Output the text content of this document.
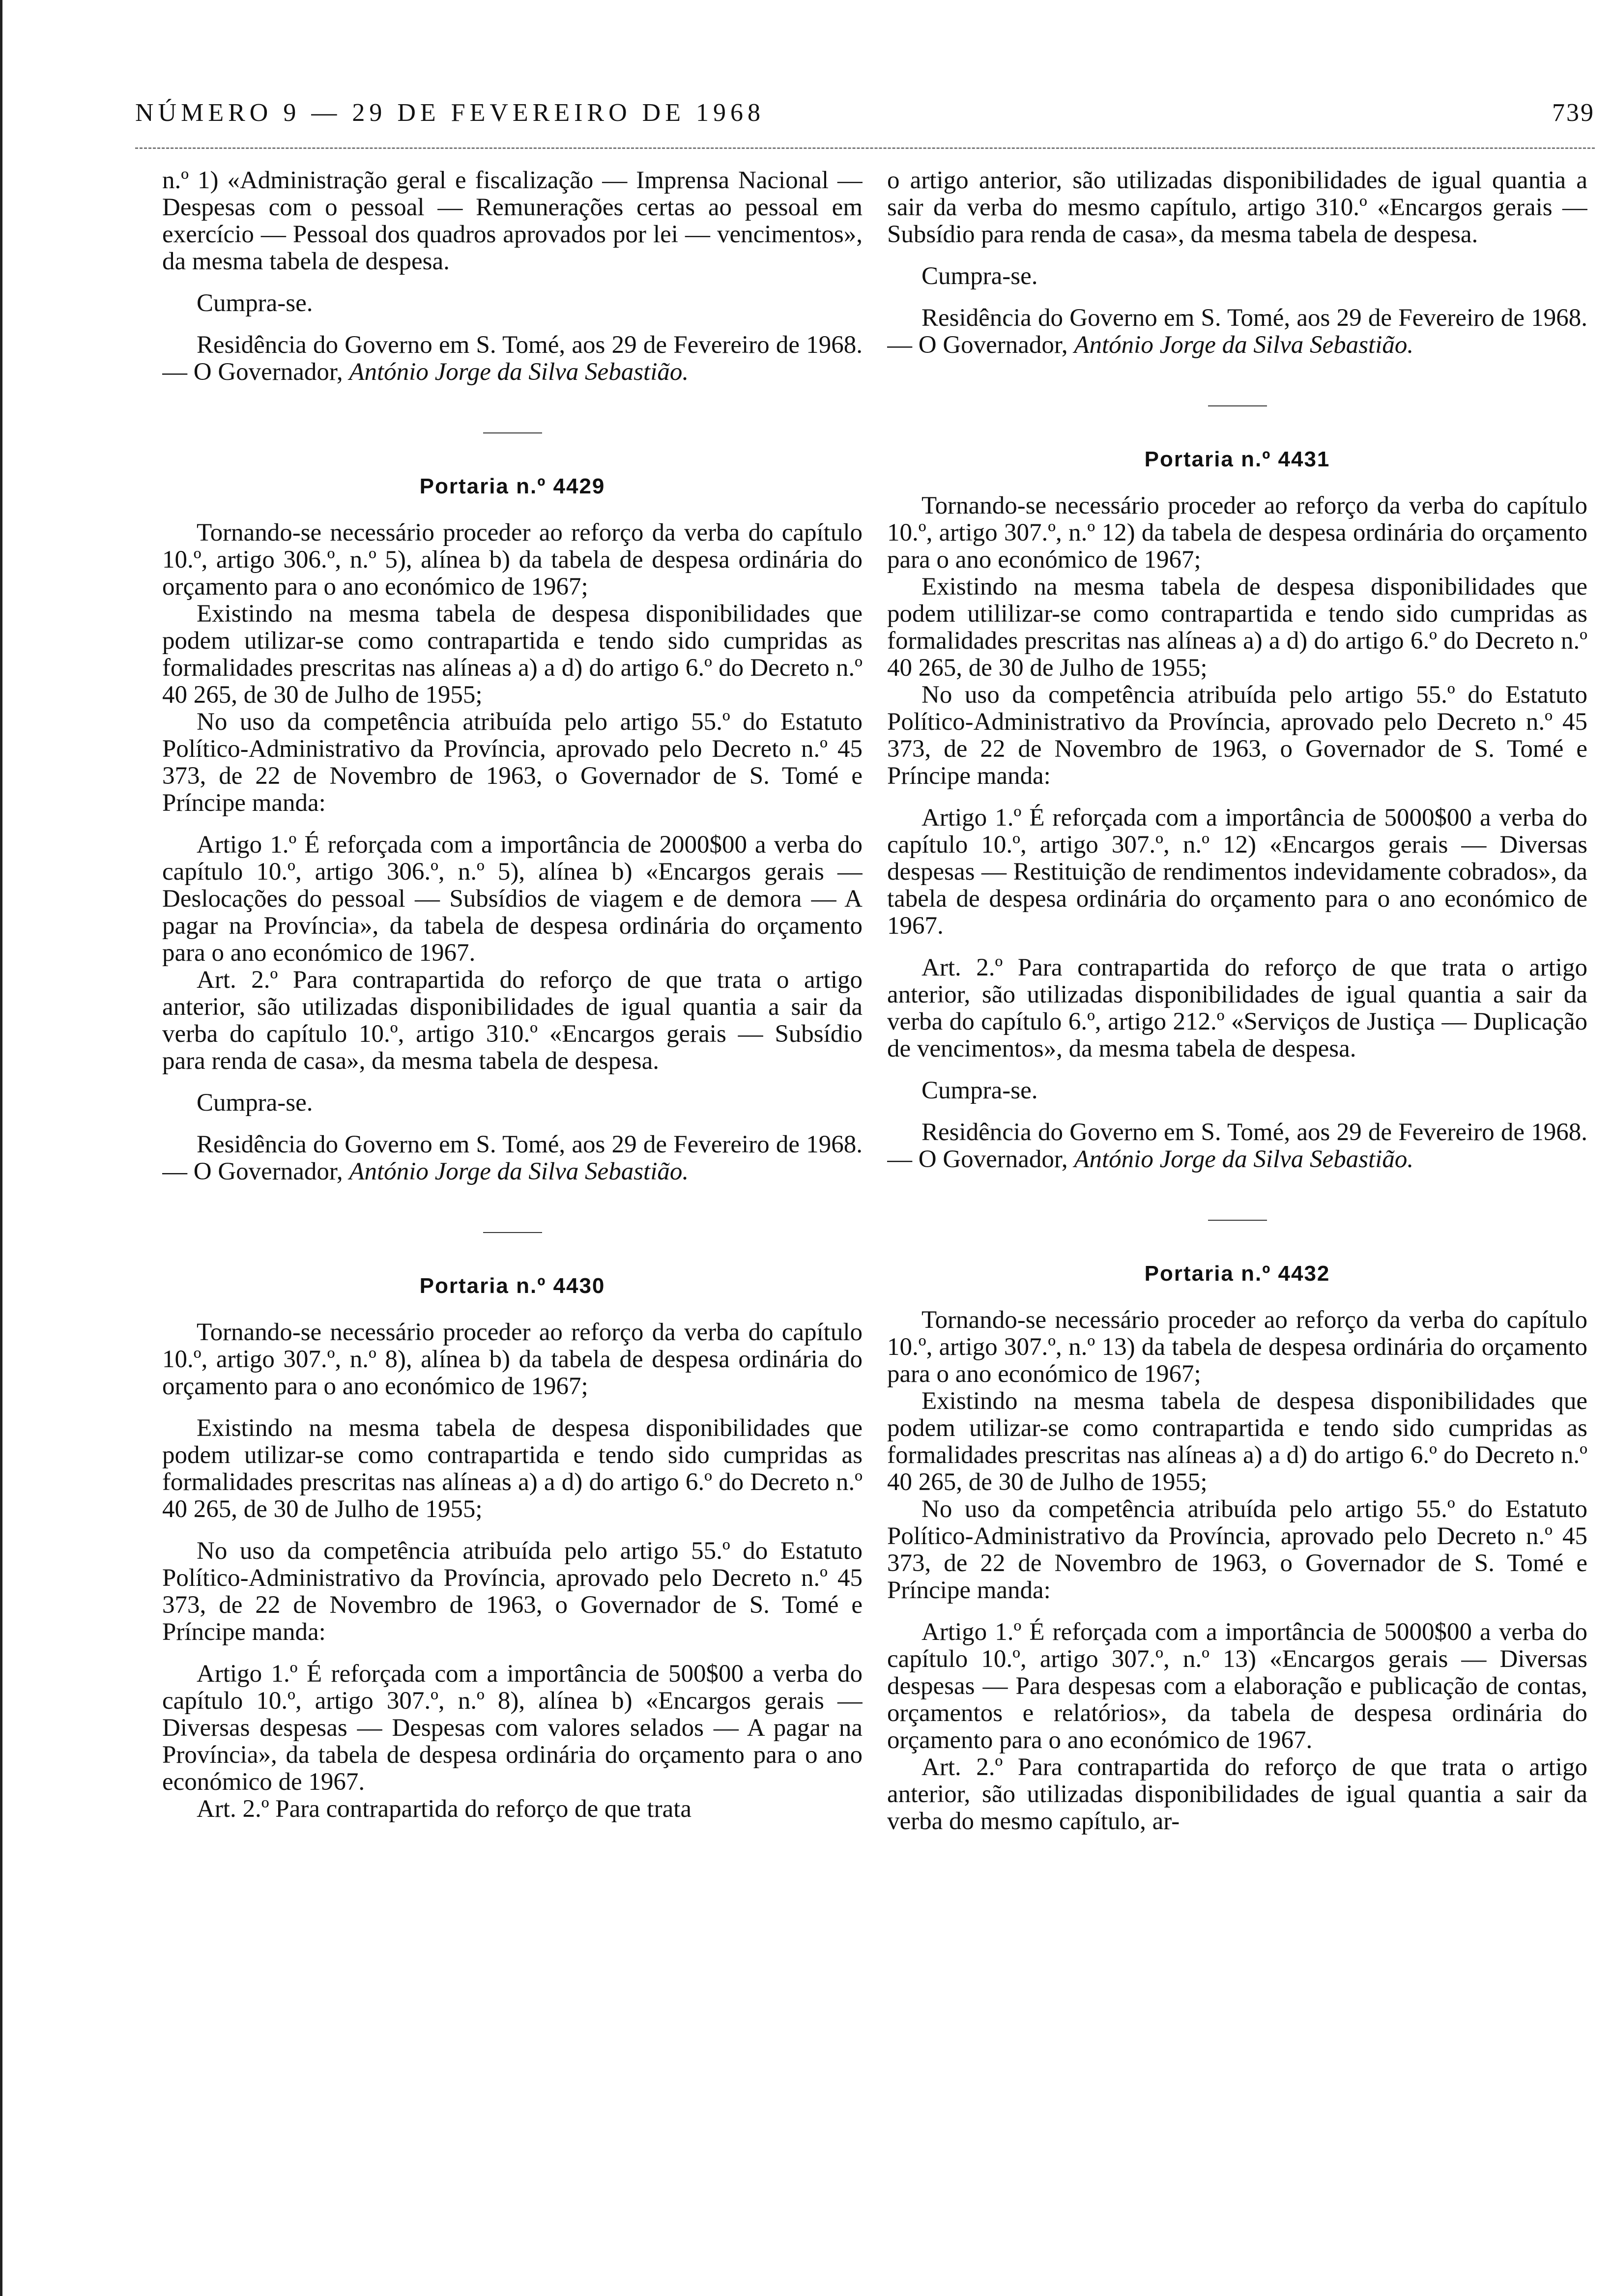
NÚMERO 9 — 29 DE FEVEREIRO DE 1968	739

n.º 1) «Administração geral e fiscalização — Imprensa Nacional — Despesas com o pessoal — Remunerações certas ao pessoal em exercício — Pessoal dos quadros aprovados por lei — vencimentos», da mesma tabela de despesa.

Cumpra-se.

Residência do Governo em S. Tomé, aos 29 de Fevereiro de 1968. — O Governador, António Jorge da Silva Sebastião.

Portaria n.º 4429

Tornando-se necessário proceder ao reforço da verba do capítulo 10.º, artigo 306.º, n.º 5), alínea b) da tabela de despesa ordinária do orçamento para o ano económico de 1967;

Existindo na mesma tabela de despesa disponibilidades que podem utilizar-se como contrapartida e tendo sido cumpridas as formalidades prescritas nas alíneas a) a d) do artigo 6.º do Decreto n.º 40 265, de 30 de Julho de 1955;

No uso da competência atribuída pelo artigo 55.º do Estatuto Político-Administrativo da Província, aprovado pelo Decreto n.º 45 373, de 22 de Novembro de 1963, o Governador de S. Tomé e Príncipe manda:

Artigo 1.º É reforçada com a importância de 2000$00 a verba do capítulo 10.º, artigo 306.º, n.º 5), alínea b) «Encargos gerais — Deslocações do pessoal — Subsídios de viagem e de demora — A pagar na Província», da tabela de despesa ordinária do orçamento para o ano económico de 1967.

Art. 2.º Para contrapartida do reforço de que trata o artigo anterior, são utilizadas disponibilidades de igual quantia a sair da verba do capítulo 10.º, artigo 310.º «Encargos gerais — Subsídio para renda de casa», da mesma tabela de despesa.

Cumpra-se.

Residência do Governo em S. Tomé, aos 29 de Fevereiro de 1968. — O Governador, António Jorge da Silva Sebastião.

Portaria n.º 4430

Tornando-se necessário proceder ao reforço da verba do capítulo 10.º, artigo 307.º, n.º 8), alínea b) da tabela de despesa ordinária do orçamento para o ano económico de 1967;

Existindo na mesma tabela de despesa disponibilidades que podem utilizar-se como contrapartida e tendo sido cumpridas as formalidades prescritas nas alíneas a) a d) do artigo 6.º do Decreto n.º 40 265, de 30 de Julho de 1955;

No uso da competência atribuída pelo artigo 55.º do Estatuto Político-Administrativo da Província, aprovado pelo Decreto n.º 45 373, de 22 de Novembro de 1963, o Governador de S. Tomé e Príncipe manda:

Artigo 1.º É reforçada com a importância de 500$00 a verba do capítulo 10.º, artigo 307.º, n.º 8), alínea b) «Encargos gerais — Diversas despesas — Despesas com valores selados — A pagar na Província», da tabela de despesa ordinária do orçamento para o ano económico de 1967.

Art. 2.º Para contrapartida do reforço de que trata

o artigo anterior, são utilizadas disponibilidades de igual quantia a sair da verba do mesmo capítulo, artigo 310.º «Encargos gerais — Subsídio para renda de casa», da mesma tabela de despesa.

Cumpra-se.

Residência do Governo em S. Tomé, aos 29 de Fevereiro de 1968. — O Governador, António Jorge da Silva Sebastião.

Portaria n.º 4431

Tornando-se necessário proceder ao reforço da verba do capítulo 10.º, artigo 307.º, n.º 12) da tabela de despesa ordinária do orçamento para o ano económico de 1967;

Existindo na mesma tabela de despesa disponibilidades que podem utililizar-se como contrapartida e tendo sido cumpridas as formalidades prescritas nas alíneas a) a d) do artigo 6.º do Decreto n.º 40 265, de 30 de Julho de 1955;

No uso da competência atribuída pelo artigo 55.º do Estatuto Político-Administrativo da Província, aprovado pelo Decreto n.º 45 373, de 22 de Novembro de 1963, o Governador de S. Tomé e Príncipe manda:

Artigo 1.º É reforçada com a importância de 5000$00 a verba do capítulo 10.º, artigo 307.º, n.º 12) «Encargos gerais — Diversas despesas — Restituição de rendimentos indevidamente cobrados», da tabela de despesa ordinária do orçamento para o ano económico de 1967.

Art. 2.º Para contrapartida do reforço de que trata o artigo anterior, são utilizadas disponibilidades de igual quantia a sair da verba do capítulo 6.º, artigo 212.º «Serviços de Justiça — Duplicação de vencimentos», da mesma tabela de despesa.

Cumpra-se.

Residência do Governo em S. Tomé, aos 29 de Fevereiro de 1968. — O Governador, António Jorge da Silva Sebastião.

Portaria n.º 4432

Tornando-se necessário proceder ao reforço da verba do capítulo 10.º, artigo 307.º, n.º 13) da tabela de despesa ordinária do orçamento para o ano económico de 1967;

Existindo na mesma tabela de despesa disponibilidades que podem utilizar-se como contrapartida e tendo sido cumpridas as formalidades prescritas nas alíneas a) a d) do artigo 6.º do Decreto n.º 40 265, de 30 de Julho de 1955;

No uso da competência atribuída pelo artigo 55.º do Estatuto Político-Administrativo da Província, aprovado pelo Decreto n.º 45 373, de 22 de Novembro de 1963, o Governador de S. Tomé e Príncipe manda:

Artigo 1.º É reforçada com a importância de 5000$00 a verba do capítulo 10.º, artigo 307.º, n.º 13) «Encargos gerais — Diversas despesas — Para despesas com a elaboração e publicação de contas, orçamentos e relatórios», da tabela de despesa ordinária do orçamento para o ano económico de 1967.

Art. 2.º Para contrapartida do reforço de que trata o artigo anterior, são utilizadas disponibilidades de igual quantia a sair da verba do mesmo capítulo, ar-
